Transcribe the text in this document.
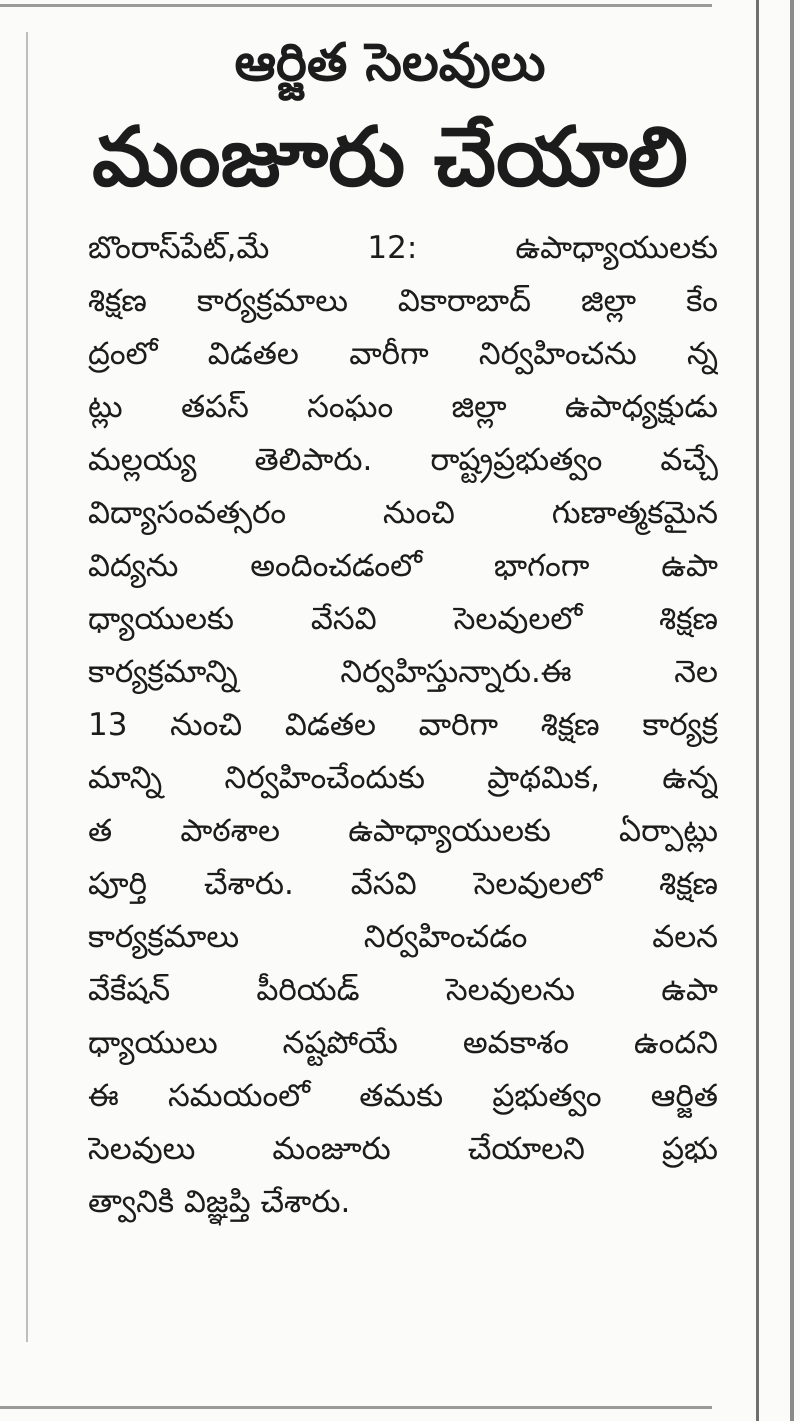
ఆర్జిత సెలవులు
మంజూరు చేయాలి
బొంరాస్‌పేట్,మే 12: ఉపాధ్యాయులకు
శిక్షణ కార్యక్రమాలు వికారాబాద్ జిల్లా కేం
ద్రంలో విడతల వారీగా నిర్వహించను న్న
ట్లు తపస్ సంఘం జిల్లా ఉపాధ్యక్షుడు
మల్లయ్య తెలిపారు. రాష్ట్రప్రభుత్వం వచ్చే
విద్యాసంవత్సరం నుంచి గుణాత్మకమైన
విద్యను అందించడంలో భాగంగా ఉపా
ధ్యాయులకు వేసవి సెలవులలో శిక్షణ
కార్యక్రమాన్ని నిర్వహిస్తున్నారు.ఈ నెల
13 నుంచి విడతల వారిగా శిక్షణ కార్యక్ర
మాన్ని నిర్వహించేందుకు ప్రాథమిక, ఉన్న
త పాఠశాల ఉపాధ్యాయులకు ఏర్పాట్లు
పూర్తి చేశారు. వేసవి సెలవులలో శిక్షణ
కార్యక్రమాలు నిర్వహించడం వలన
వేకేషన్ పీరియడ్ సెలవులను ఉపా
ధ్యాయులు నష్టపోయే అవకాశం ఉందని
ఈ సమయంలో తమకు ప్రభుత్వం ఆర్జిత
సెలవులు మంజూరు చేయాలని ప్రభు
త్వానికి విజ్ఞప్తి చేశారు.
